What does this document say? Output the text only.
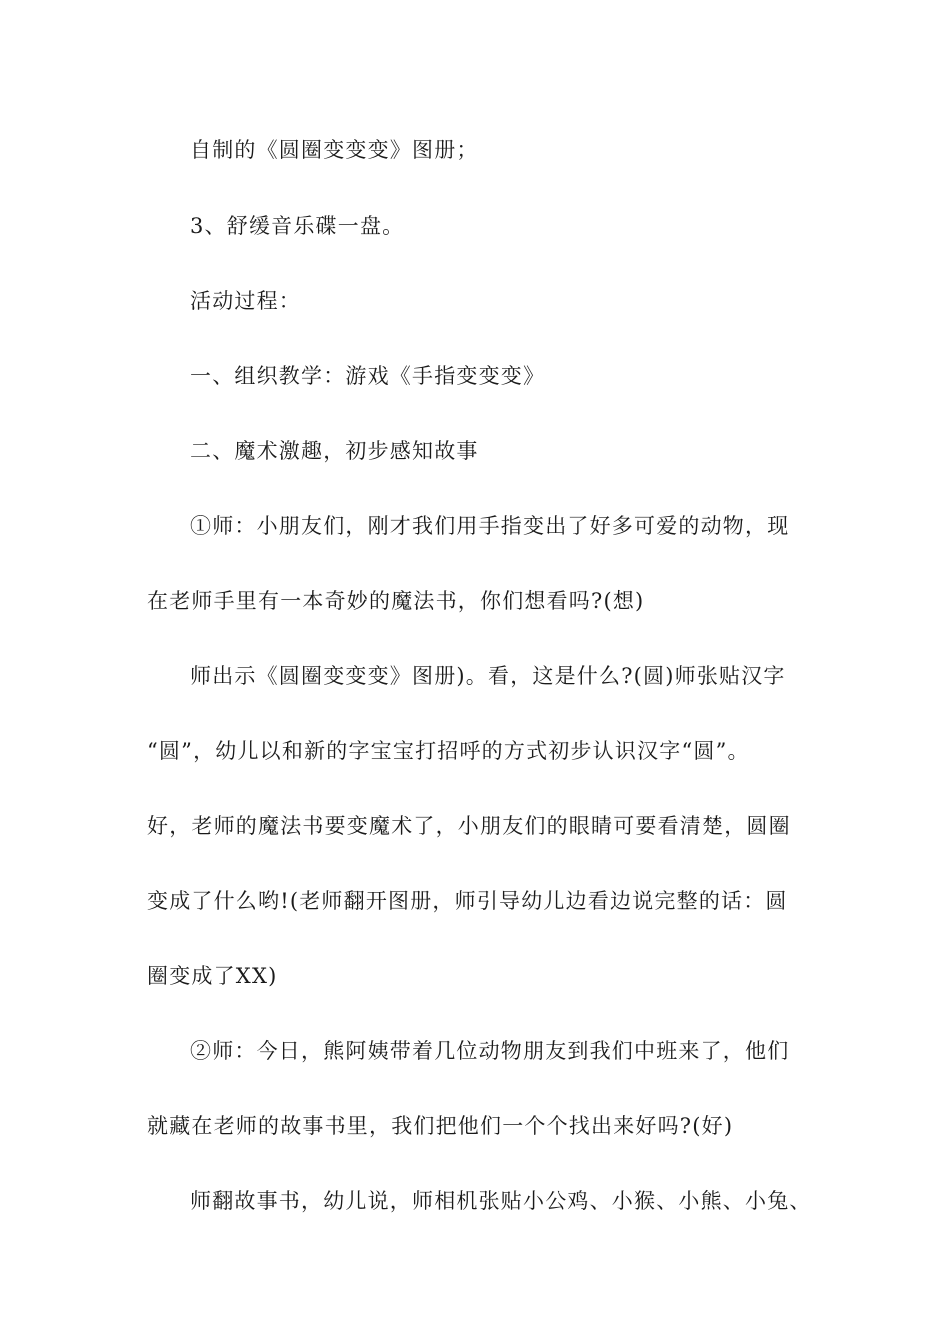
自制的《圆圈变变变》图册；
3、舒缓音乐碟一盘。
活动过程：
一、组织教学：游戏《手指变变变》
二、魔术激趣，初步感知故事
①师：小朋友们，刚才我们用手指变出了好多可爱的动物，现
在老师手里有一本奇妙的魔法书，你们想看吗?(想)
师出示《圆圈变变变》图册)。看，这是什么?(圆)师张贴汉字
“圆”，幼儿以和新的字宝宝打招呼的方式初步认识汉字“圆”。
好，老师的魔法书要变魔术了，小朋友们的眼睛可要看清楚，圆圈
变成了什么哟!(老师翻开图册，师引导幼儿边看边说完整的话：圆
圈变成了XX)
②师：今日，熊阿姨带着几位动物朋友到我们中班来了，他们
就藏在老师的故事书里，我们把他们一个个找出来好吗?(好)
师翻故事书，幼儿说，师相机张贴小公鸡、小猴、小熊、小兔、
